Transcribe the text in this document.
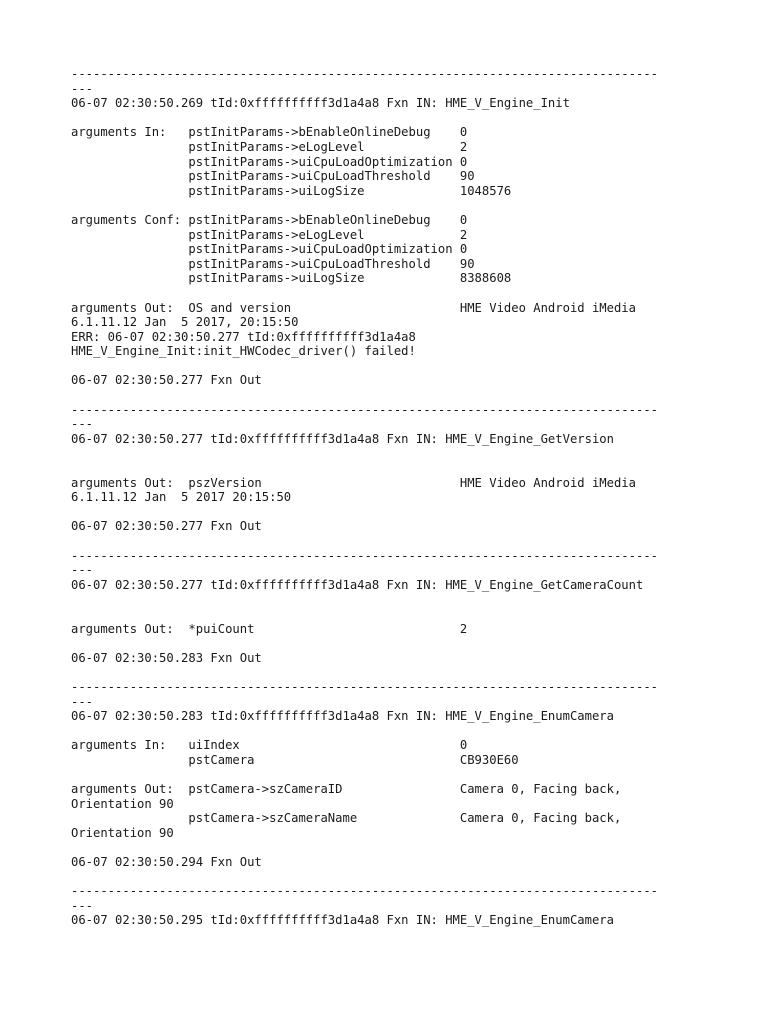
--------------------------------------------------------------------------------
---
06-07 02:30:50.269 tId:0xffffffffff3d1a4a8 Fxn IN: HME_V_Engine_Init
arguments In:   pstInitParams->bEnableOnlineDebug    0
pstInitParams->eLogLevel             2
pstInitParams->uiCpuLoadOptimization 0
pstInitParams->uiCpuLoadThreshold    90
pstInitParams->uiLogSize             1048576
arguments Conf: pstInitParams->bEnableOnlineDebug    0
pstInitParams->eLogLevel             2
pstInitParams->uiCpuLoadOptimization 0
pstInitParams->uiCpuLoadThreshold    90
pstInitParams->uiLogSize             8388608
arguments Out:  OS and version                       HME Video Android iMedia
6.1.11.12 Jan  5 2017, 20:15:50
ERR: 06-07 02:30:50.277 tId:0xffffffffff3d1a4a8
HME_V_Engine_Init:init_HWCodec_driver() failed!
06-07 02:30:50.277 Fxn Out
--------------------------------------------------------------------------------
---
06-07 02:30:50.277 tId:0xffffffffff3d1a4a8 Fxn IN: HME_V_Engine_GetVersion
arguments Out:  pszVersion                           HME Video Android iMedia
6.1.11.12 Jan  5 2017 20:15:50
06-07 02:30:50.277 Fxn Out
--------------------------------------------------------------------------------
---
06-07 02:30:50.277 tId:0xffffffffff3d1a4a8 Fxn IN: HME_V_Engine_GetCameraCount
arguments Out:  *puiCount                            2
06-07 02:30:50.283 Fxn Out
--------------------------------------------------------------------------------
---
06-07 02:30:50.283 tId:0xffffffffff3d1a4a8 Fxn IN: HME_V_Engine_EnumCamera
arguments In:   uiIndex                              0
pstCamera                            CB930E60
arguments Out:  pstCamera->szCameraID                Camera 0, Facing back,
Orientation 90
pstCamera->szCameraName              Camera 0, Facing back,
Orientation 90
06-07 02:30:50.294 Fxn Out
--------------------------------------------------------------------------------
---
06-07 02:30:50.295 tId:0xffffffffff3d1a4a8 Fxn IN: HME_V_Engine_EnumCamera
